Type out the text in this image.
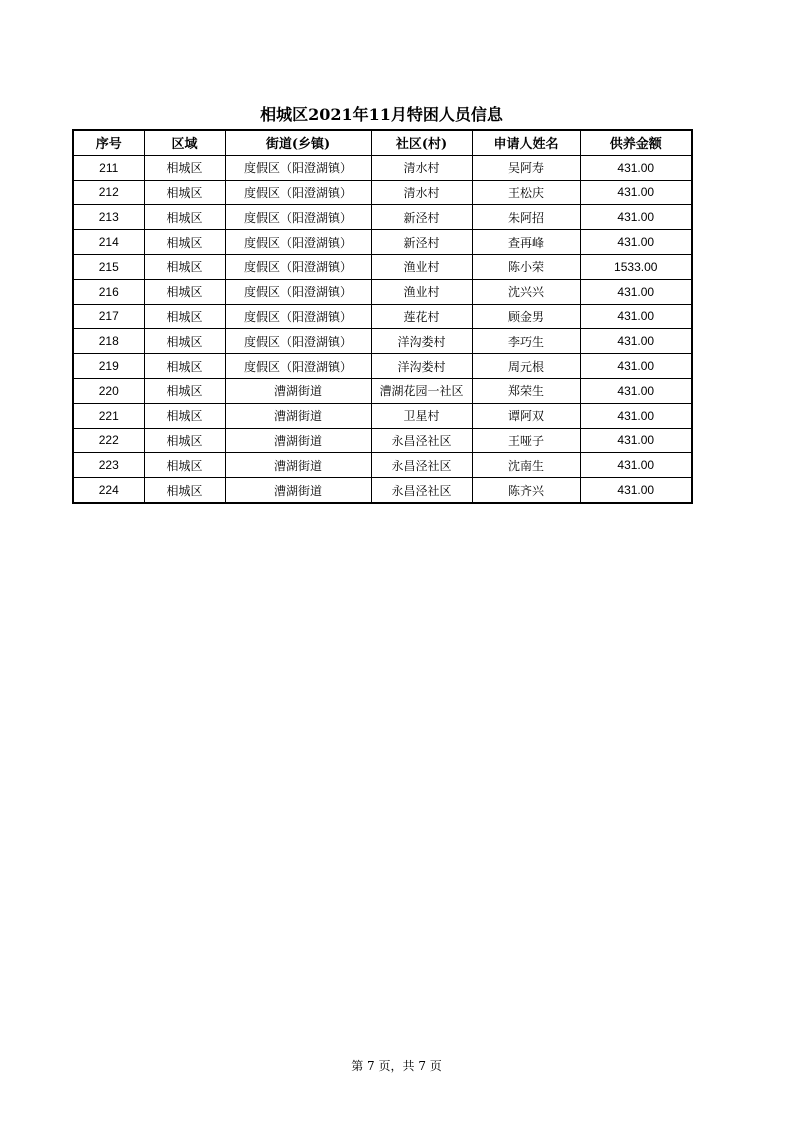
相城区2021年11月特困人员信息
序号	区域	街道(乡镇)	社区(村)	申请人姓名	供养金额
211	相城区	度假区（阳澄湖镇）	清水村	吴阿寿	431.00
212	相城区	度假区（阳澄湖镇）	清水村	王松庆	431.00
213	相城区	度假区（阳澄湖镇）	新泾村	朱阿招	431.00
214	相城区	度假区（阳澄湖镇）	新泾村	查再峰	431.00
215	相城区	度假区（阳澄湖镇）	渔业村	陈小荣	1533.00
216	相城区	度假区（阳澄湖镇）	渔业村	沈兴兴	431.00
217	相城区	度假区（阳澄湖镇）	莲花村	顾金男	431.00
218	相城区	度假区（阳澄湖镇）	洋沟娄村	李巧生	431.00
219	相城区	度假区（阳澄湖镇）	洋沟娄村	周元根	431.00
220	相城区	漕湖街道	漕湖花园一社区	郑荣生	431.00
221	相城区	漕湖街道	卫星村	谭阿双	431.00
222	相城区	漕湖街道	永昌泾社区	王哑子	431.00
223	相城区	漕湖街道	永昌泾社区	沈南生	431.00
224	相城区	漕湖街道	永昌泾社区	陈齐兴	431.00
第 7 页，共 7 页
